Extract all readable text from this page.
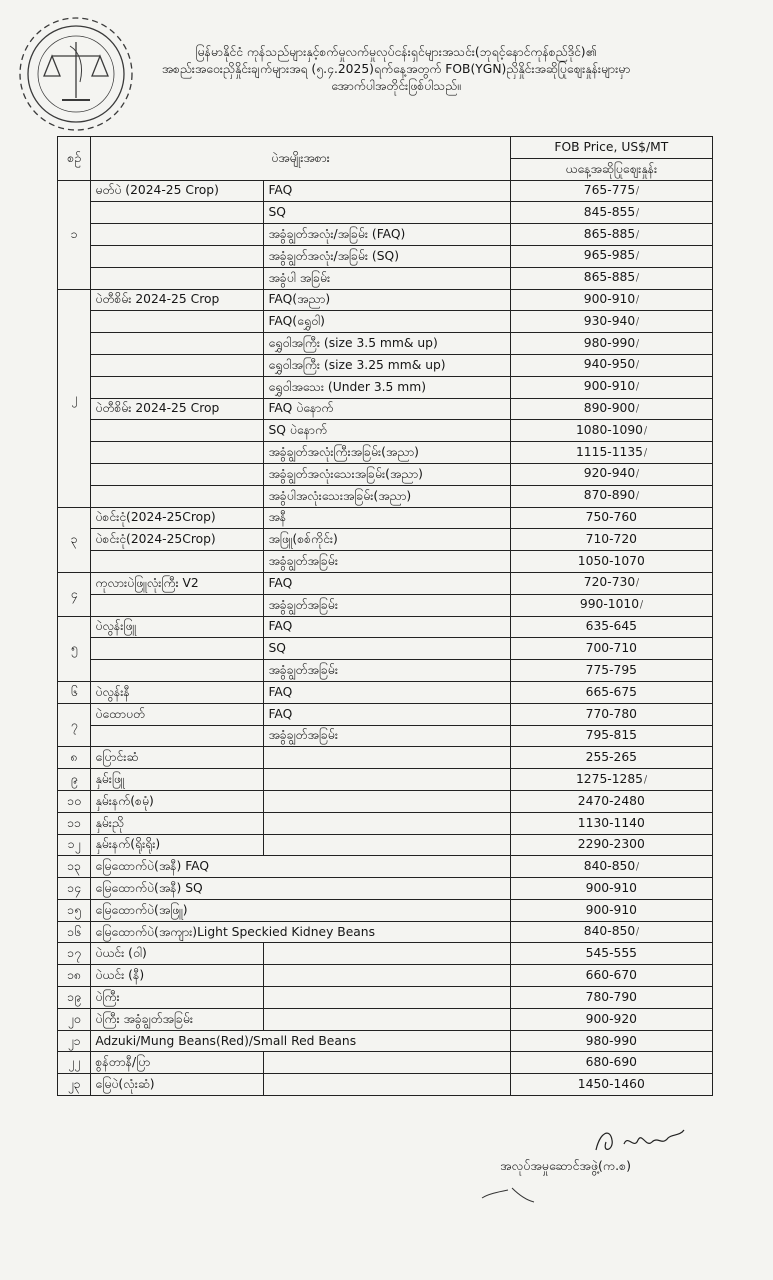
မြန်မာနိုင်ငံ ကုန်သည်များနှင့်စက်မှုလက်မှုလုပ်ငန်းရှင်များအသင်း(ဘုရင့်နောင်ကုန်စည်ဒိုင်)၏
အစည်းအဝေးညှိနှိုင်းချက်များအရ (၅.၄.2025)ရက်နေ့အတွက် FOB(YGN)ညှိနှိုင်းအဆိုပြုဈေးနှုန်းများမှာ
အောက်ပါအတိုင်းဖြစ်ပါသည်။
စဉ်	ပဲအမျိုးအစား		FOB Price, US$/MT
			ယနေ့အဆိုပြုဈေးနှုန်း
၁	မတ်ပဲ (2024-25 Crop)	FAQ	765-775⁄
		SQ	845-855⁄
		အခွံချွတ်အလုံး/အခြမ်း (FAQ)	865-885⁄
		အခွံချွတ်အလုံး/အခြမ်း (SQ)	965-985⁄
		အခွံပါ အခြမ်း	865-885⁄
၂	ပဲတီစိမ်း 2024-25 Crop	FAQ(အညာ)	900-910⁄
		FAQ(ရွှေဝါ)	930-940⁄
		ရွှေဝါအကြီး (size 3.5 mm& up)	980-990⁄
		ရွှေဝါအကြီး (size 3.25 mm& up)	940-950⁄
		ရွှေဝါအသေး (Under 3.5 mm)	900-910⁄
	ပဲတီစိမ်း 2024-25 Crop	FAQ ပဲနောက်	890-900⁄
		SQ ပဲနောက်	1080-1090⁄
		အခွံချွတ်အလုံးကြီးအခြမ်း(အညာ)	1115-1135⁄
		အခွံချွတ်အလုံးသေးအခြမ်း(အညာ)	920-940⁄
		အခွံပါအလုံးသေးအခြမ်း(အညာ)	870-890⁄
၃	ပဲစင်းငုံ(2024-25Crop)	အနီ	750-760
	ပဲစင်းငုံ(2024-25Crop)	အဖြူ(စစ်ကိုင်း)	710-720
		အခွံချွတ်အခြမ်း	1050-1070
၄	ကုလားပဲဖြူလုံးကြီး V2	FAQ	720-730⁄
		အခွံချွတ်အခြမ်း	990-1010⁄
၅	ပဲလွန်းဖြူ	FAQ	635-645
		SQ	700-710
		အခွံချွတ်အခြမ်း	775-795
၆	ပဲလွန်းနီ	FAQ	665-675
၇	ပဲထောပတ်	FAQ	770-780
		အခွံချွတ်အခြမ်း	795-815
၈	ပြောင်းဆံ		255-265
၉	နှမ်းဖြူ		1275-1285⁄
၁၀	နှမ်းနက်(စမုံ)		2470-2480
၁၁	နှမ်းညို		1130-1140
၁၂	နှမ်းနက်(ရိုးရိုး)		2290-2300
၁၃	မြေထောက်ပဲ(အနီ) FAQ		840-850⁄
၁၄	မြေထောက်ပဲ(အနီ) SQ		900-910
၁၅	မြေထောက်ပဲ(အဖြူ)		900-910
၁၆	မြေထောက်ပဲ(အကျား)Light Speckied Kidney Beans		840-850⁄
၁၇	ပဲယင်း (ဝါ)		545-555
၁၈	ပဲယင်း (နီ)		660-670
၁၉	ပဲကြီး		780-790
၂၀	ပဲကြီး အခွံချွတ်အခြမ်း		900-920
၂၁	Adzuki/Mung Beans(Red)/Small Red Beans		980-990
၂၂	စွန်တာနီ/ပြာ		680-690
၂၃	မြေပဲ(လုံးဆံ)		1450-1460
အလုပ်အမှုဆောင်အဖွဲ့(က.စ)
